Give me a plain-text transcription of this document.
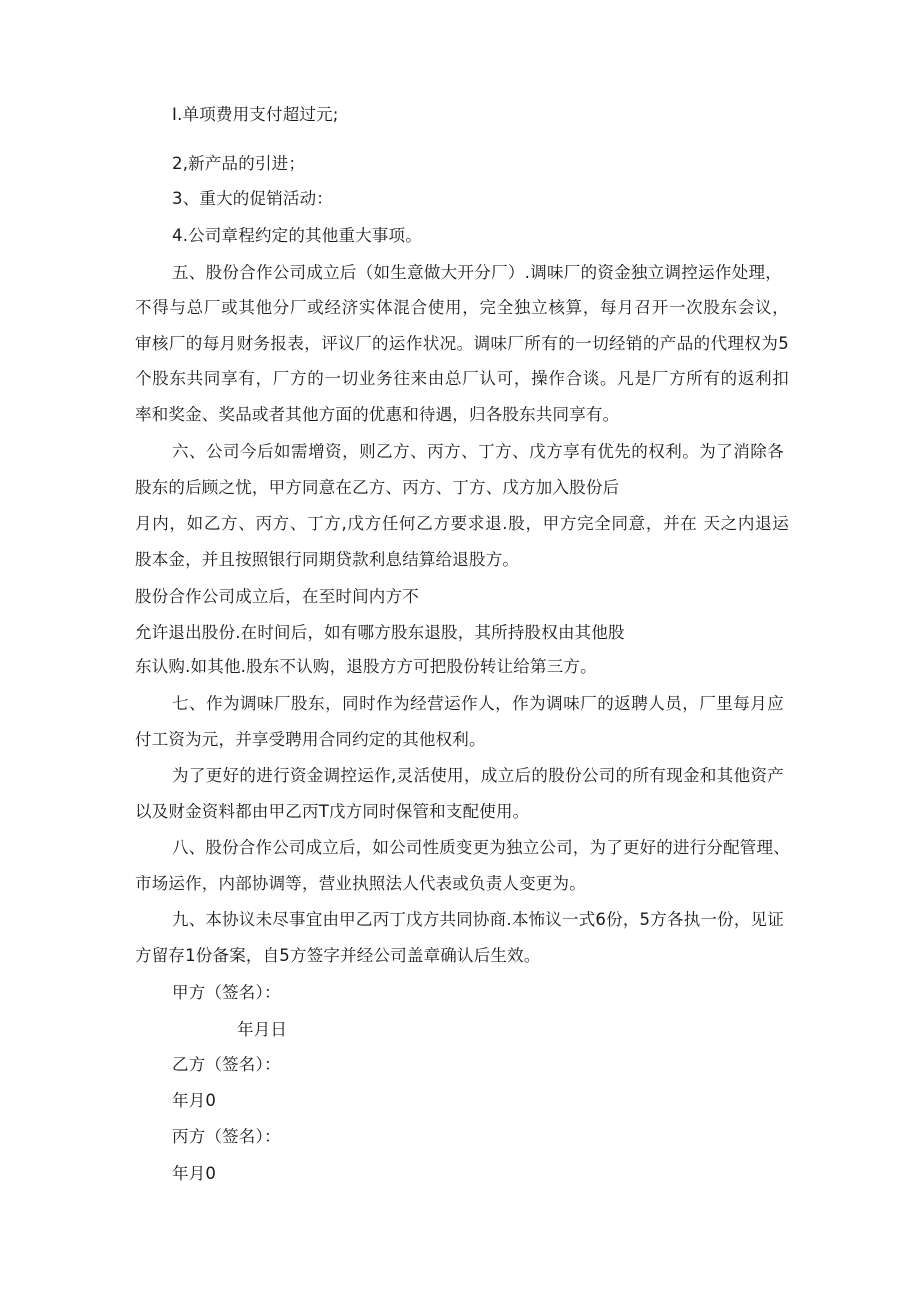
I.单项费用支付超过元;
2,新产品的引进；
3、重大的促销活动：
4.公司章程约定的其他重大事项。
五、股份合作公司成立后（如生意做大开分厂）.调味厂的资金独立调控运作处理，
不得与总厂或其他分厂或经济实体混合使用，完全独立核算，每月召开一次股东会议，
审核厂的每月财务报表，评议厂的运作状况。调味厂所有的一切经销的产品的代理权为5
个股东共同享有，厂方的一切业务往来由总厂认可，操作合谈。凡是厂方所有的返利扣
率和奖金、奖品或者其他方面的优惠和待遇，归各股东共同享有。
六、公司今后如需增资，则乙方、丙方、丁方、戊方享有优先的权利。为了消除各
股东的后顾之忧，甲方同意在乙方、丙方、丁方、戊方加入股份后
月内，如乙方、丙方、丁方,戊方任何乙方要求退.股，甲方完全同意，并在 天之内退运
股本金，并且按照银行同期贷款利息结算给退股方。
股份合作公司成立后，在至时间内方不
允许退出股份.在时间后，如有哪方股东退股，其所持股权由其他股
东认购.如其他.股东不认购，退股方方可把股份转让给第三方。
七、作为调味厂股东，同时作为经营运作人，作为调味厂的返聘人员，厂里每月应
付工资为元，并享受聘用合同约定的其他权利。
为了更好的进行资金调控运作,灵活使用，成立后的股份公司的所有现金和其他资产
以及财金资料都由甲乙丙T戊方同时保管和支配使用。
八、股份合作公司成立后，如公司性质变更为独立公司，为了更好的进行分配管理、
市场运作，内部协调等，营业执照法人代表或负责人变更为。
九、本协议未尽事宜由甲乙丙丁戊方共同协商.本怖议一式6份，5方各执一份，见证
方留存1份备案，自5方签字并经公司盖章确认后生效。
甲方（签名）：
年月日
乙方（签名）：
年月0
丙方（签名）：
年月0
